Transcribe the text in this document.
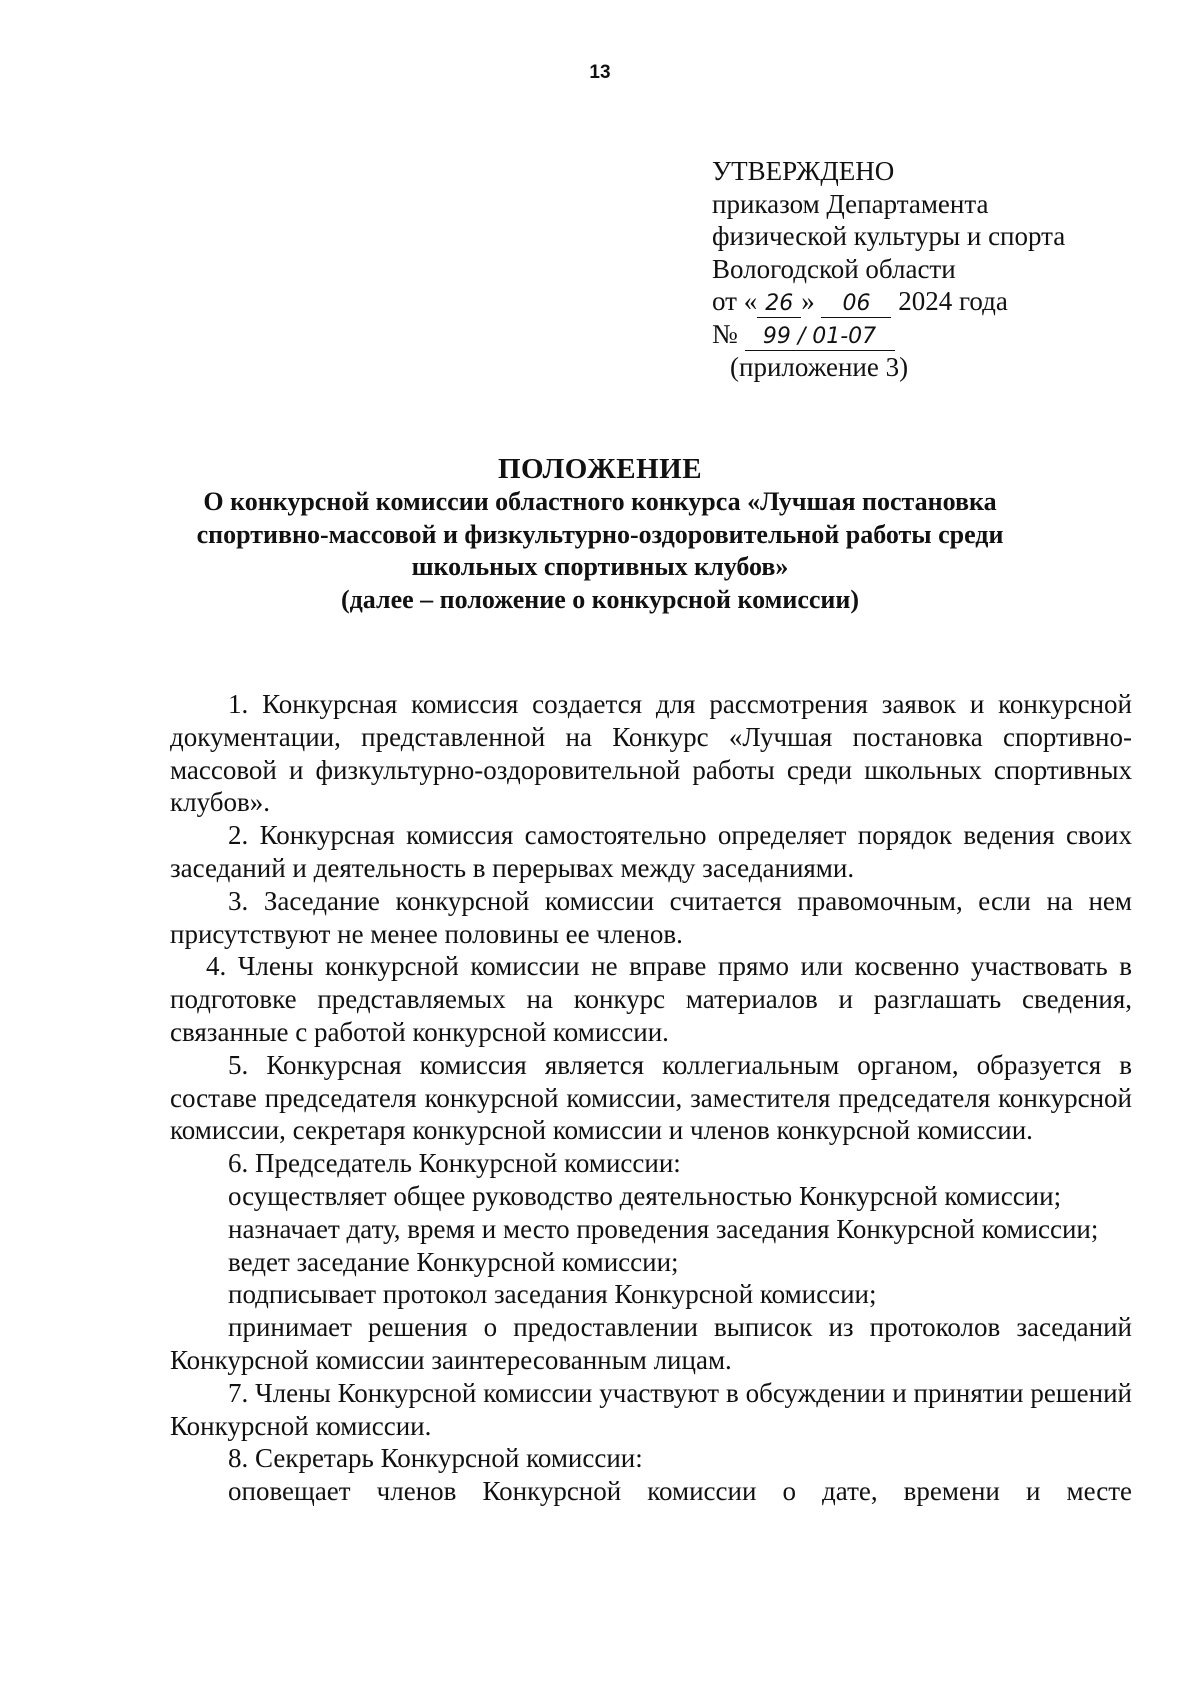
13
УТВЕРЖДЕНО
приказом Департамента
физической культуры и спорта
Вологодской области
от « 26 » 06 2024 года
№ 99 / 01-07
(приложение 3)
ПОЛОЖЕНИЕ
О конкурсной комиссии областного конкурса «Лучшая постановка
спортивно-массовой и физкультурно-оздоровительной работы среди
школьных спортивных клубов»
(далее – положение о конкурсной комиссии)

1. Конкурсная комиссия создается для рассмотрения заявок и конкурсной документации, представленной на Конкурс «Лучшая постановка спортивно-массовой и физкультурно-оздоровительной работы среди школьных спортивных клубов».

2. Конкурсная комиссия самостоятельно определяет порядок ведения своих заседаний и деятельность в перерывах между заседаниями.

3. Заседание конкурсной комиссии считается правомочным, если на нем присутствуют не менее половины ее членов.

4. Члены конкурсной комиссии не вправе прямо или косвенно участвовать в подготовке представляемых на конкурс материалов и разглашать сведения, связанные с работой конкурсной комиссии.

5. Конкурсная комиссия является коллегиальным органом, образуется в составе председателя конкурсной комиссии, заместителя председателя конкурсной комиссии, секретаря конкурсной комиссии и членов конкурсной комиссии.

6. Председатель Конкурсной комиссии:

осуществляет общее руководство деятельностью Конкурсной комиссии;

назначает дату, время и место проведения заседания Конкурсной комиссии;

ведет заседание Конкурсной комиссии;

подписывает протокол заседания Конкурсной комиссии;

принимает решения о предоставлении выписок из протоколов заседаний Конкурсной комиссии заинтересованным лицам.

7. Члены Конкурсной комиссии участвуют в обсуждении и принятии решений Конкурсной комиссии.

8. Секретарь Конкурсной комиссии:

оповещает членов Конкурсной комиссии о дате, времени и месте
